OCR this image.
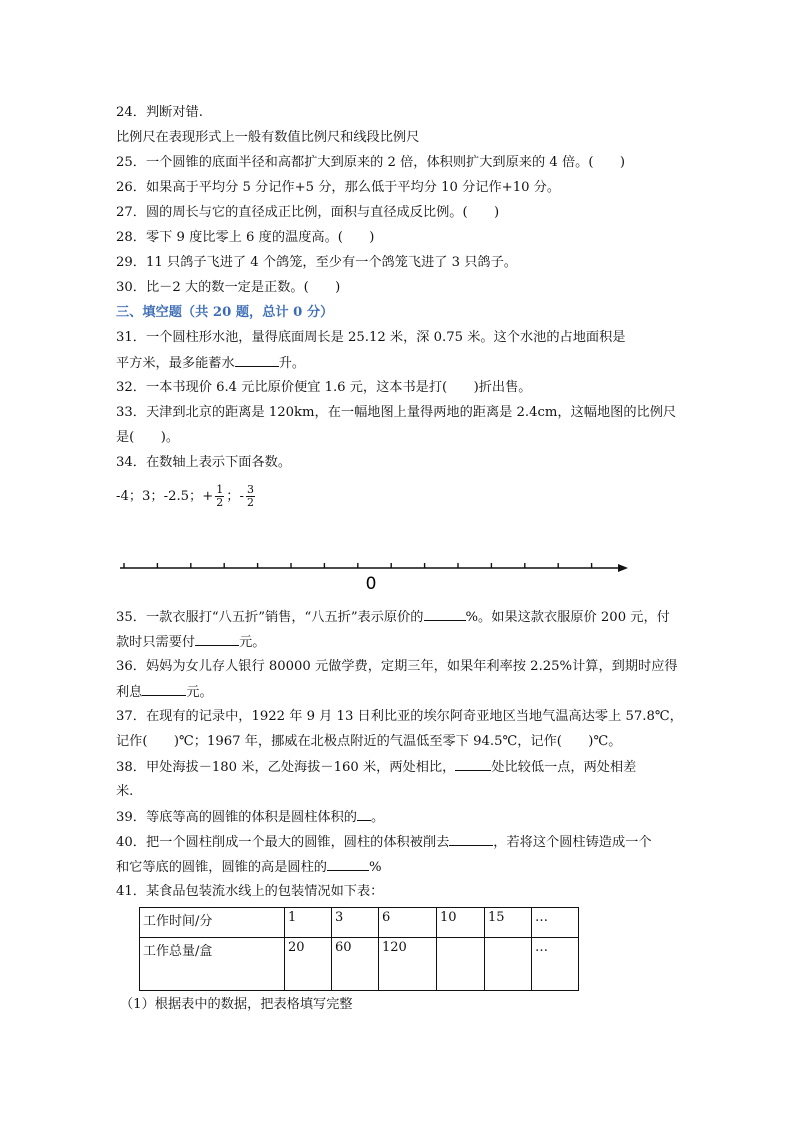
24．判断对错.
比例尺在表现形式上一般有数值比例尺和线段比例尺
25．一个圆锥的底面半径和高都扩大到原来的 2 倍，体积则扩大到原来的 4 倍。(　　)
26．如果高于平均分 5 分记作+5 分，那么低于平均分 10 分记作+10 分。
27．圆的周长与它的直径成正比例，面积与直径成反比例。(　　)
28．零下 9 度比零上 6 度的温度高。(　　)
29．11 只鸽子飞进了 4 个鸽笼，至少有一个鸽笼飞进了 3 只鸽子。
30．比－2 大的数一定是正数。(　　)
三、填空题（共 20 题，总计 0 分）
31．一个圆柱形水池，量得底面周长是 25.12 米，深 0.75 米。这个水池的占地面积是
平方米，最多能蓄水	升。
32．一本书现价 6.4 元比原价便宜 1.6 元，这本书是打(　　)折出售。
33．天津到北京的距离是 120km，在一幅地图上量得两地的距离是 2.4cm，这幅地图的比例尺
是(　　)。
34．在数轴上表示下面各数。
-4；3；-2.5；+ $\frac{1}{2}$ ；- $\frac{3}{2}$
0
35．一款衣服打“八五折”销售，“八五折”表示原价的	%。如果这款衣服原价 200 元，付
款时只需要付	元。
36．妈妈为女儿存人银行 80000 元做学费，定期三年，如果年利率按 2.25%计算，到期时应得
利息	元。
37．在现有的记录中，1922 年 9 月 13 日利比亚的埃尔阿奇亚地区当地气温高达零上 57.8℃，
记作(　　)℃；1967 年，挪威在北极点附近的气温低至零下 94.5℃，记作(　　)℃。
38．甲处海拔－180 米，乙处海拔－160 米，两处相比，	处比较低一点，两处相差
米.
39．等底等高的圆锥的体积是圆柱体积的 。
40．把一个圆柱削成一个最大的圆锥，圆柱的体积被削去	，若将这个圆柱铸造成一个
和它等底的圆锥，圆锥的高是圆柱的	%
41．某食品包装流水线上的包装情况如下表：
工作时间/分	1	3	6	10	15	…
工作总量/盒	20	60	120			…
（1）根据表中的数据，把表格填写完整
